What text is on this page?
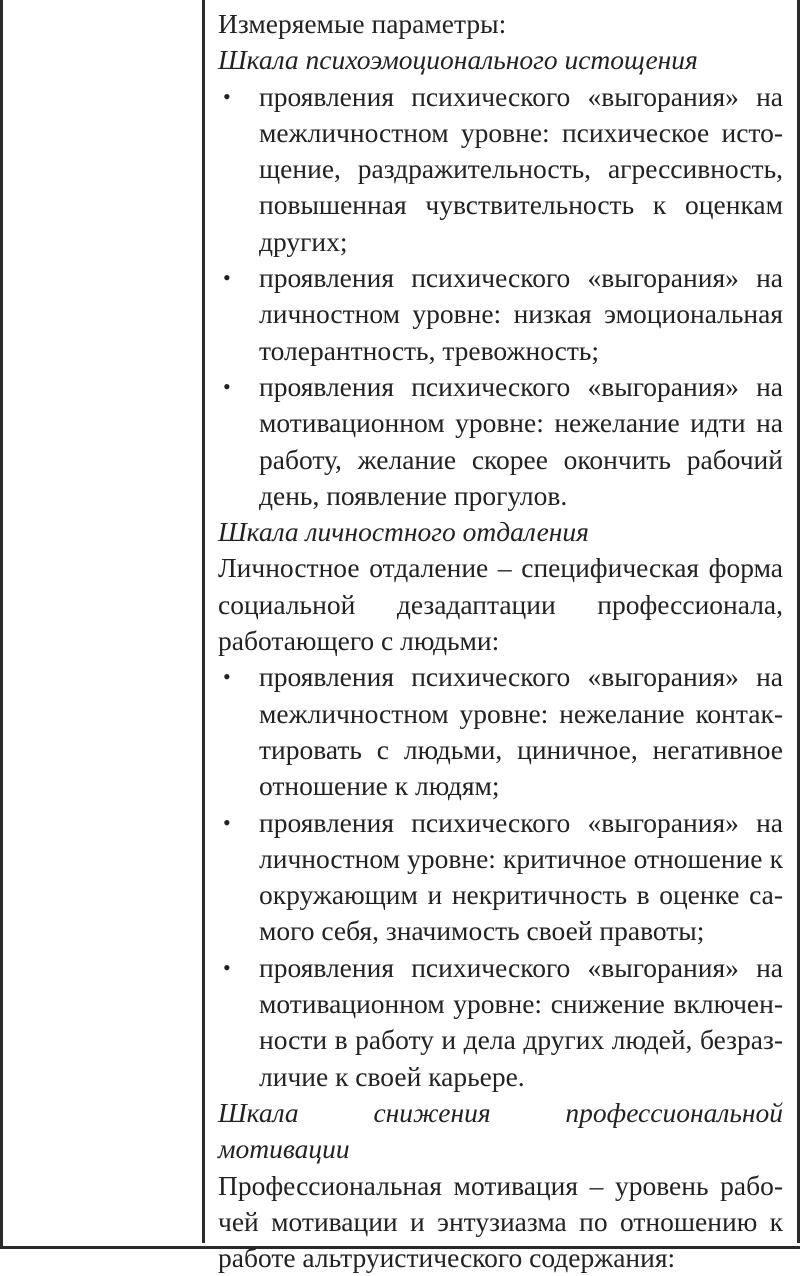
Измеряемые параметры:

Шкала психоэмоционального истощения

•	проявления психического «выгорания» на межличностном уровне: психическое истощение, раздражительность, агрессивность, повышенная чувствительность к оценкам других;
•	проявления психического «выгорания» на личностном уровне: низкая эмоциональная толерантность, тревожность;
•	проявления психического «выгорания» на мотивационном уровне: нежелание идти на работу, желание скорее окончить рабочий день, появление прогулов.

Шкала личностного отдаления

Личностное отдаление – специфическая форма социальной дезадаптации профессионала, работающего с людьми:

•	проявления психического «выгорания» на межличностном уровне: нежелание контактировать с людьми, циничное, негативное отношение к людям;
•	проявления психического «выгорания» на личностном уровне: критичное отношение к окружающим и некритичность в оценке самого себя, значимость своей правоты;
•	проявления психического «выгорания» на мотивационном уровне: снижение включенности в работу и дела других людей, безразличие к своей карьере.

Шкала снижения профессиональной мотивации

Профессиональная мотивация – уровень рабочей мотивации и энтузиазма по отношению к работе альтруистического содержания:
